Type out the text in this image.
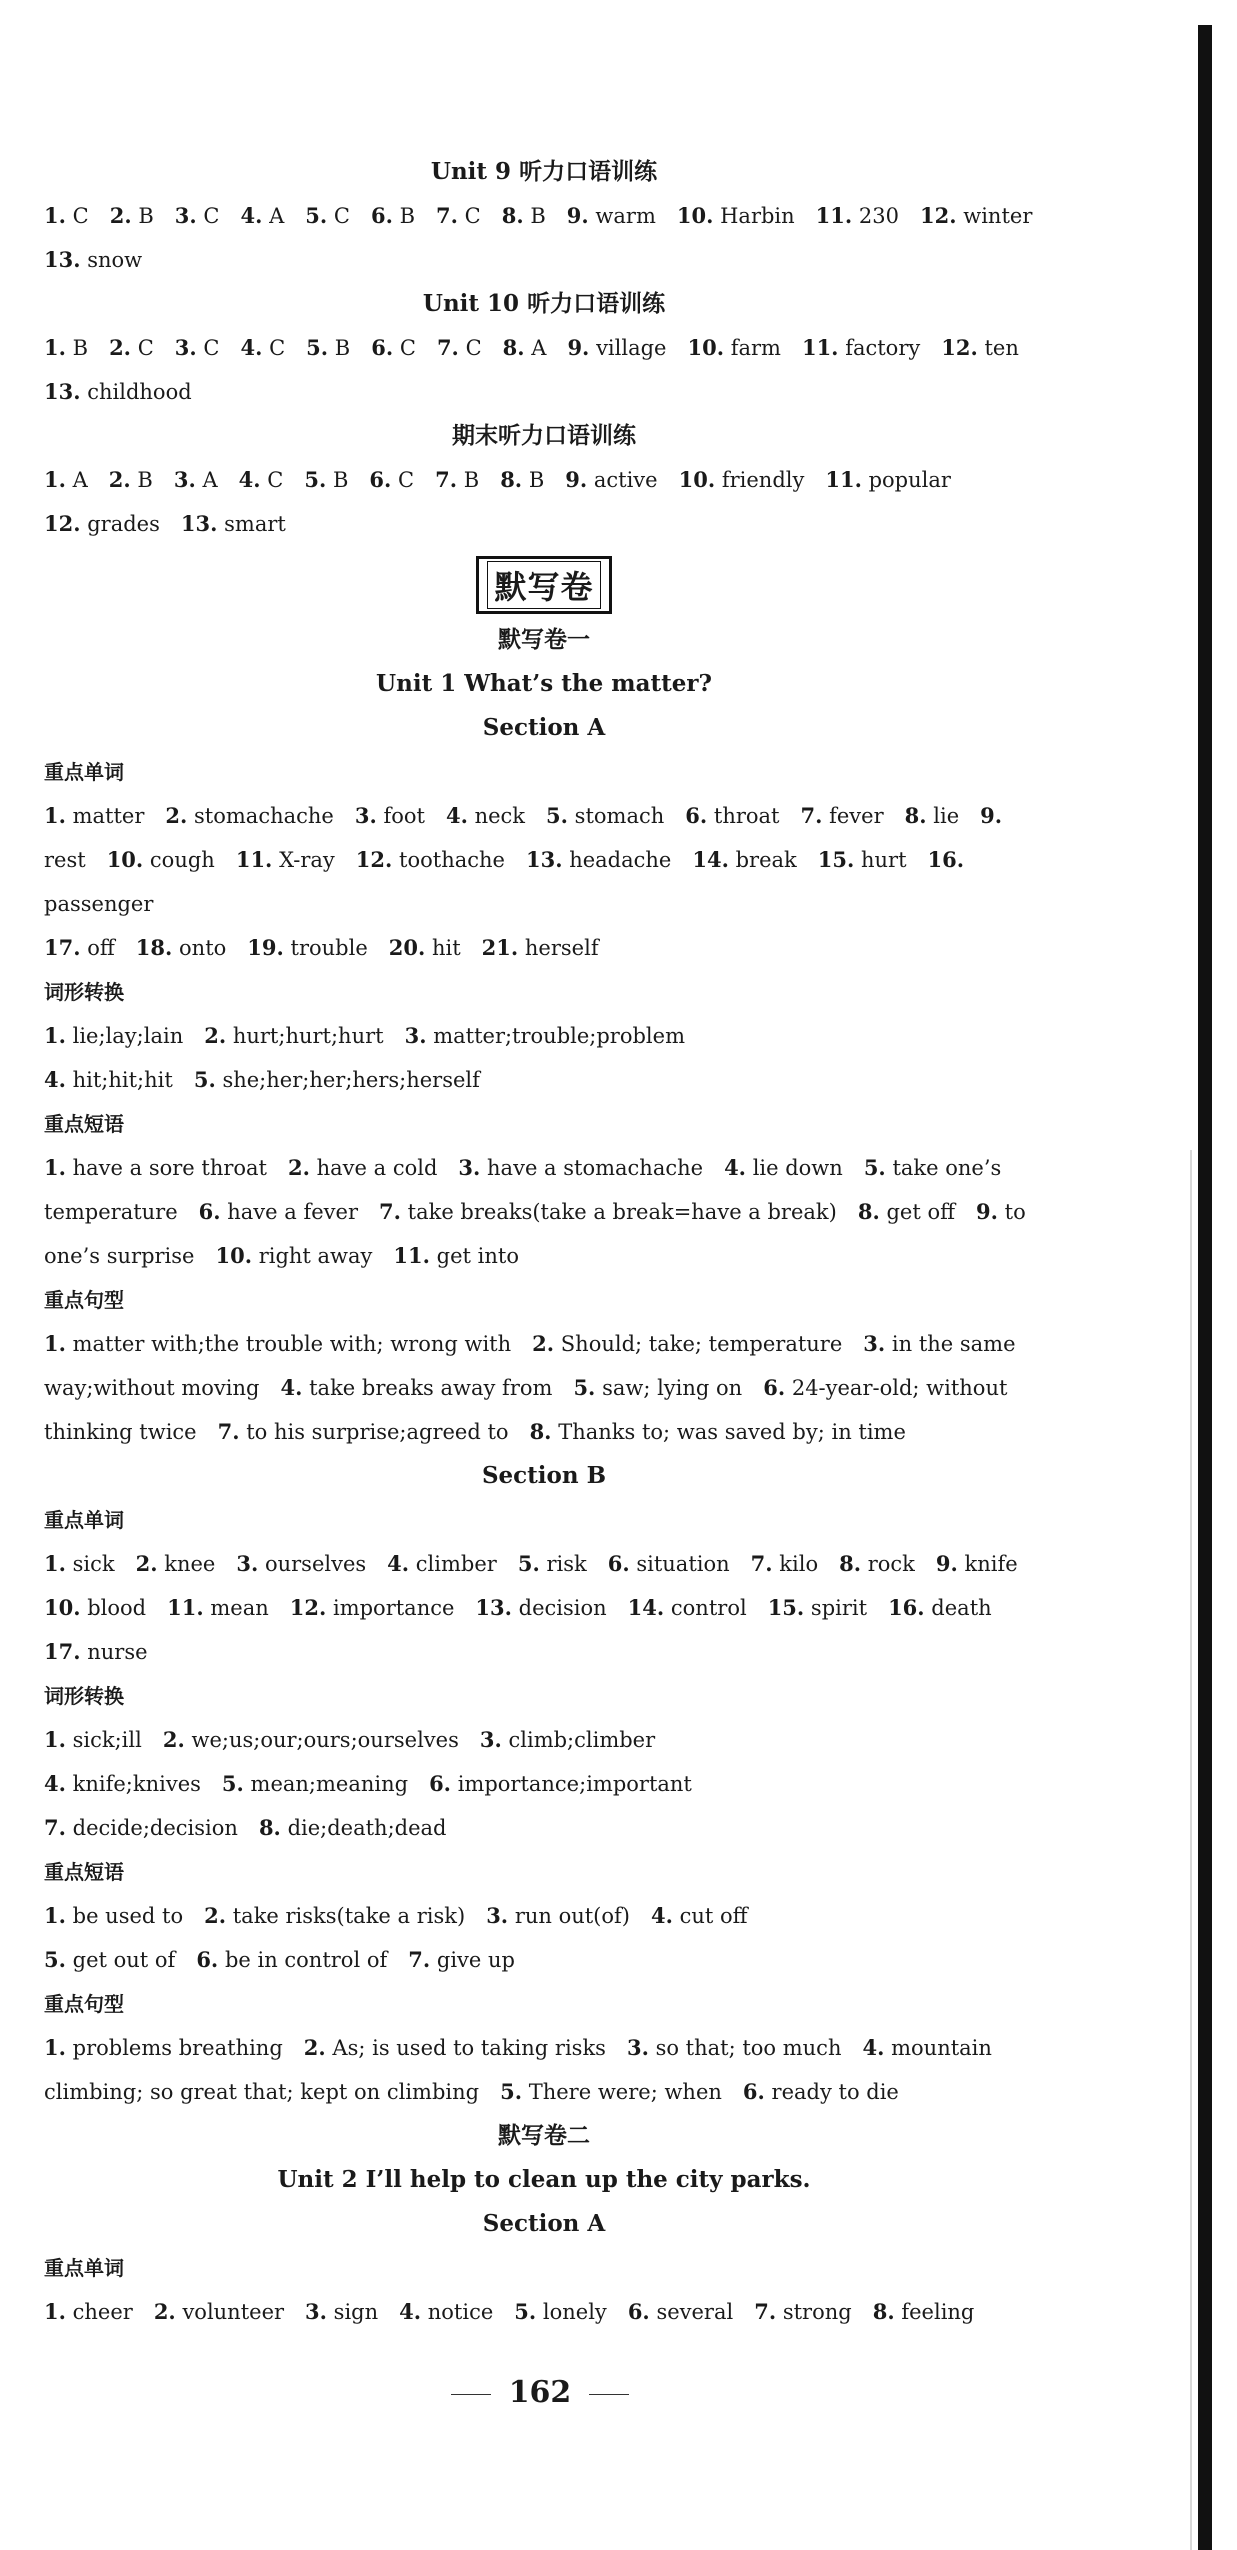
Unit 9 听力口语训练
1. C  2. B  3. C  4. A  5. C  6. B  7. C  8. B  9. warm  10. Harbin  11. 230  12. winter
13. snow
Unit 10 听力口语训练
1. B  2. C  3. C  4. C  5. B  6. C  7. C  8. A  9. village  10. farm  11. factory  12. ten
13. childhood
期末听力口语训练
1. A  2. B  3. A  4. C  5. B  6. C  7. B  8. B  9. active  10. friendly  11. popular
12. grades  13. smart
默写卷
默写卷一
Unit 1 What’s the matter?
Section A
重点单词
1. matter  2. stomachache  3. foot  4. neck  5. stomach  6. throat  7. fever  8. lie  9.
rest  10. cough  11. X-ray  12. toothache  13. headache  14. break  15. hurt  16.
passenger
17. off  18. onto  19. trouble  20. hit  21. herself
词形转换
1. lie;lay;lain  2. hurt;hurt;hurt  3. matter;trouble;problem
4. hit;hit;hit  5. she;her;her;hers;herself
重点短语
1. have a sore throat  2. have a cold  3. have a stomachache  4. lie down  5. take one’s
temperature  6. have a fever  7. take breaks(take a break=have a break)  8. get off  9. to
one’s surprise  10. right away  11. get into
重点句型
1. matter with;the trouble with; wrong with  2. Should; take; temperature  3. in the same
way;without moving  4. take breaks away from  5. saw; lying on  6. 24-year-old; without
thinking twice  7. to his surprise;agreed to  8. Thanks to; was saved by; in time
Section B
重点单词
1. sick  2. knee  3. ourselves  4. climber  5. risk  6. situation  7. kilo  8. rock  9. knife
10. blood  11. mean  12. importance  13. decision  14. control  15. spirit  16. death
17. nurse
词形转换
1. sick;ill  2. we;us;our;ours;ourselves  3. climb;climber
4. knife;knives  5. mean;meaning  6. importance;important
7. decide;decision  8. die;death;dead
重点短语
1. be used to  2. take risks(take a risk)  3. run out(of)  4. cut off
5. get out of  6. be in control of  7. give up
重点句型
1. problems breathing  2. As; is used to taking risks  3. so that; too much  4. mountain
climbing; so great that; kept on climbing  5. There were; when  6. ready to die
默写卷二
Unit 2 I’ll help to clean up the city parks.
Section A
重点单词
1. cheer  2. volunteer  3. sign  4. notice  5. lonely  6. several  7. strong  8. feeling
162
